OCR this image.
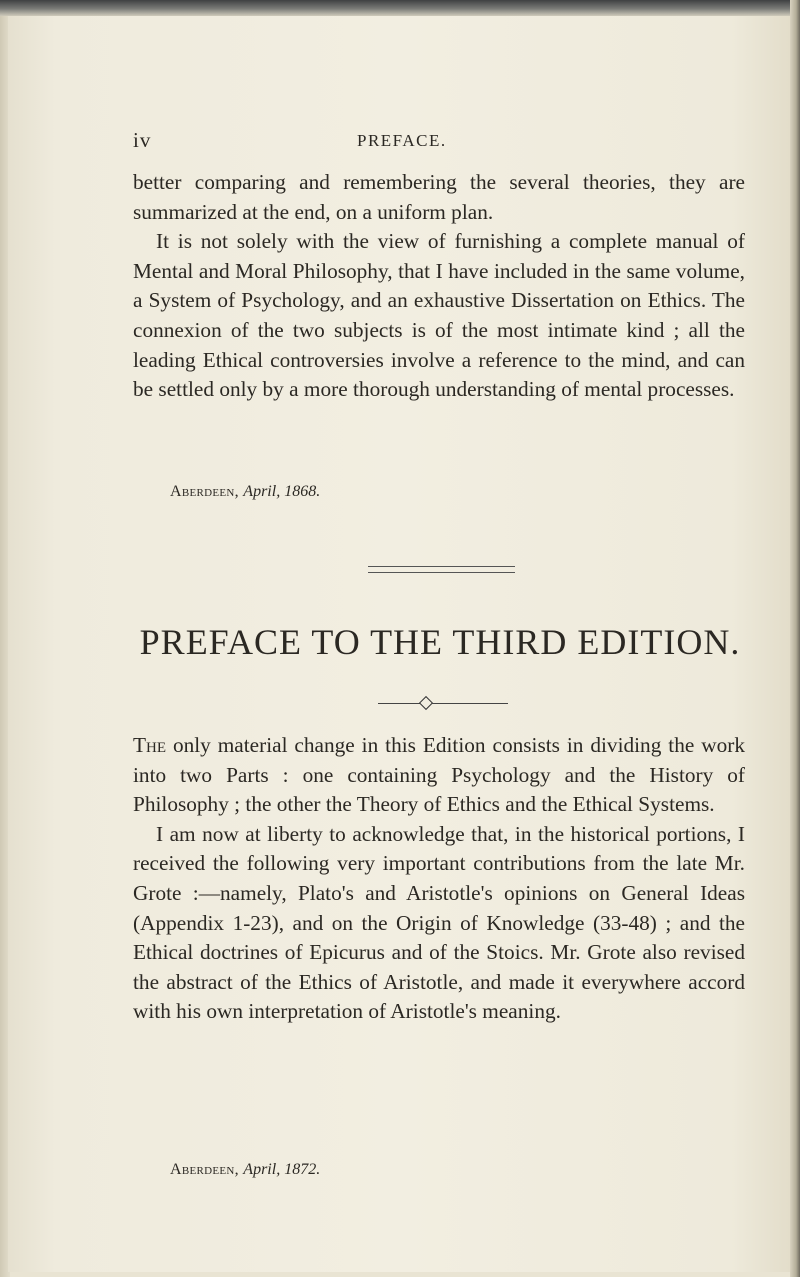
iv	PREFACE.

better comparing and remembering the several theories, they are summarized at the end, on a uniform plan.

It is not solely with the view of furnishing a complete manual of Mental and Moral Philosophy, that I have included in the same volume, a System of Psychology, and an exhaustive Dissertation on Ethics. The connexion of the two subjects is of the most intimate kind ; all the leading Ethical controversies involve a reference to the mind, and can be settled only by a more thorough understanding of mental processes.

Aberdeen, April, 1868.
PREFACE TO THE THIRD EDITION.

The only material change in this Edition consists in dividing the work into two Parts : one containing Psychology and the History of Philosophy ; the other the Theory of Ethics and the Ethical Systems.

I am now at liberty to acknowledge that, in the historical portions, I received the following very important contributions from the late Mr. Grote :—namely, Plato's and Aristotle's opinions on General Ideas (Appendix 1-23), and on the Origin of Knowledge (33-48) ; and the Ethical doctrines of Epicurus and of the Stoics. Mr. Grote also revised the abstract of the Ethics of Aristotle, and made it everywhere accord with his own interpretation of Aristotle's meaning.

Aberdeen, April, 1872.
